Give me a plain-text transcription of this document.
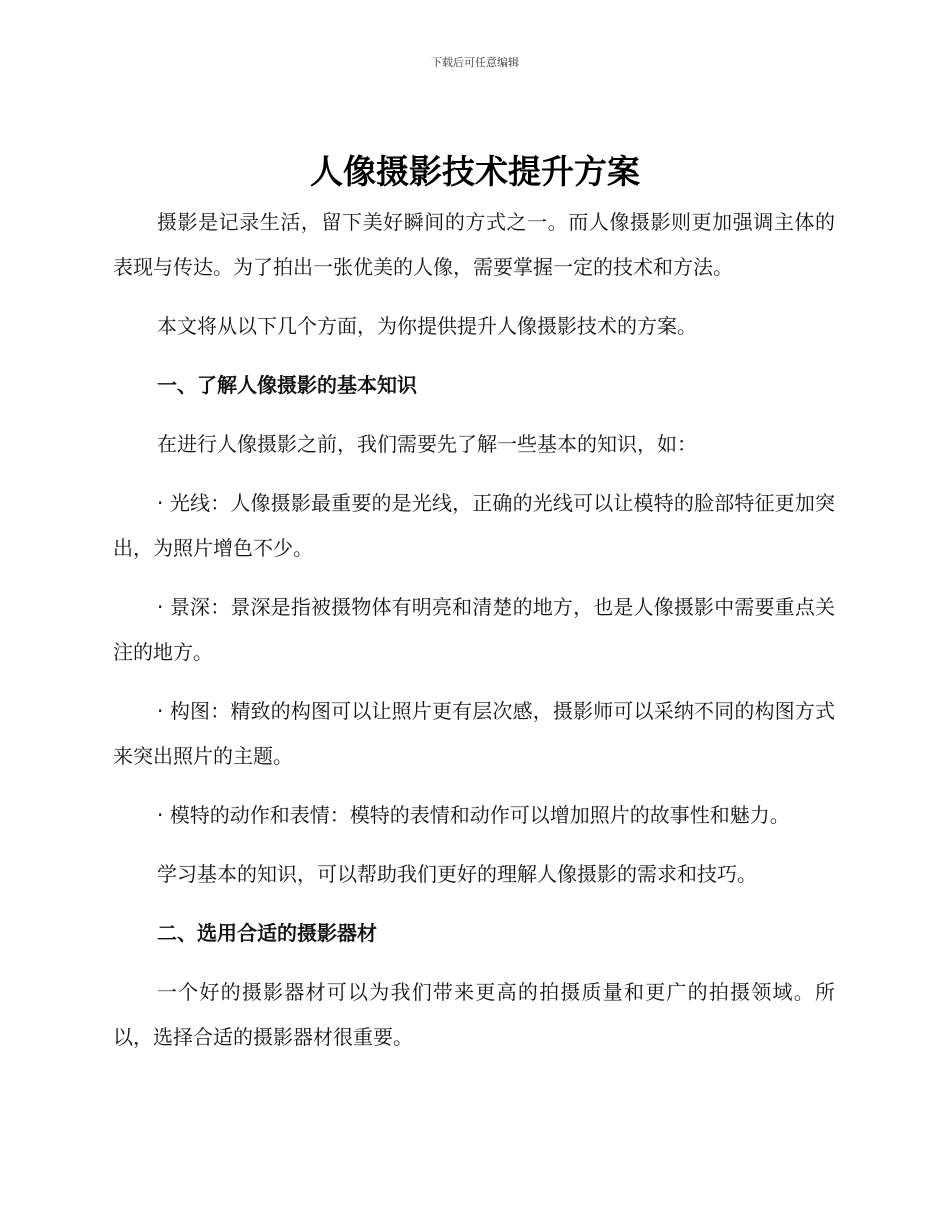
下载后可任意编辑
人像摄影技术提升方案

摄影是记录生活，留下美好瞬间的方式之一。而人像摄影则更加强调主体的表现与传达。为了拍出一张优美的人像，需要掌握一定的技术和方法。

本文将从以下几个方面，为你提供提升人像摄影技术的方案。

一、了解人像摄影的基本知识

在进行人像摄影之前，我们需要先了解一些基本的知识，如：

· 光线：人像摄影最重要的是光线，正确的光线可以让模特的脸部特征更加突出，为照片增色不少。

· 景深：景深是指被摄物体有明亮和清楚的地方，也是人像摄影中需要重点关注的地方。

· 构图：精致的构图可以让照片更有层次感，摄影师可以采纳不同的构图方式来突出照片的主题。

· 模特的动作和表情：模特的表情和动作可以增加照片的故事性和魅力。

学习基本的知识，可以帮助我们更好的理解人像摄影的需求和技巧。

二、选用合适的摄影器材

一个好的摄影器材可以为我们带来更高的拍摄质量和更广的拍摄领域。所以，选择合适的摄影器材很重要。
